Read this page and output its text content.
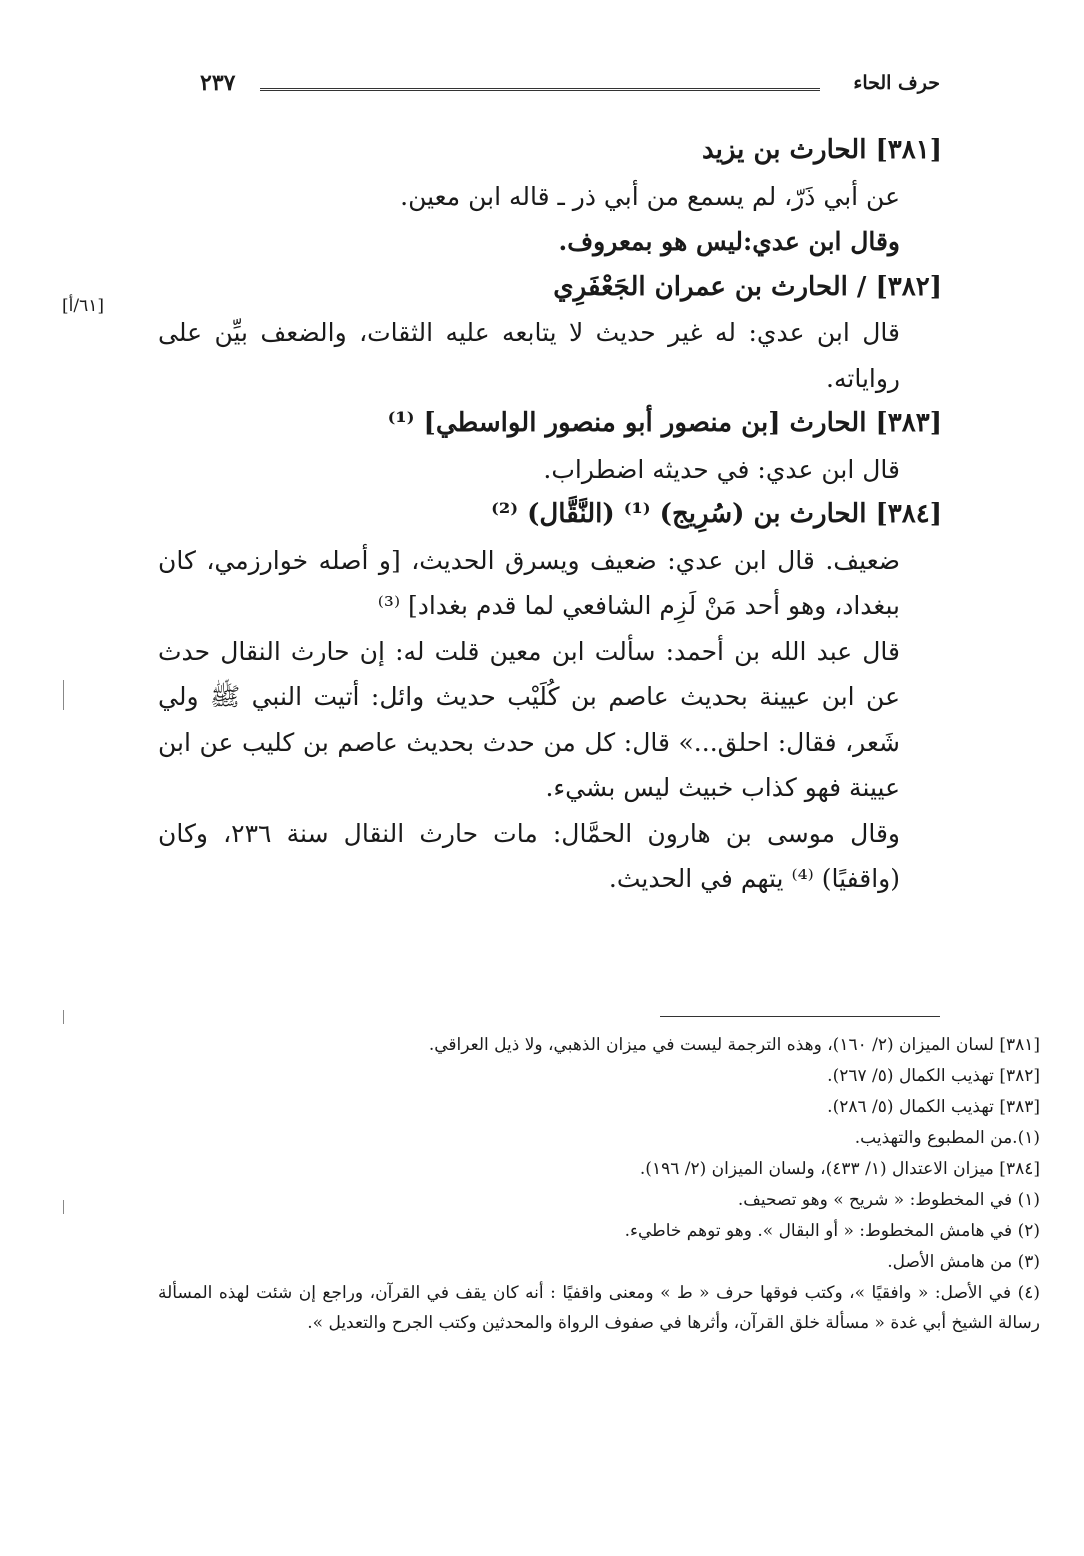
حرف الحاء
٢٣٧
[٦١/أ]

[٣٨١] الحارث بن يزيد

عن أبي ذَرّ، لم يسمع من أبي ذر ـ قاله ابن معين.

وقال ابن عدي:ليس هو بمعروف.

[٣٨٢] / الحارث بن عمران الجَعْفَرِي

قال ابن عدي: له غير حديث لا يتابعه عليه الثقات، والضعف بيِّن على رواياته.

[٣٨٣] الحارث [بن منصور أبو منصور الواسطي] ⁽¹⁾

قال ابن عدي: في حديثه اضطراب.

[٣٨٤] الحارث بن (سُرِيج) ⁽¹⁾ (النَّقَّال) ⁽²⁾

ضعيف. قال ابن عدي: ضعيف ويسرق الحديث، [و أصله خوارزمي، كان ببغداد، وهو أحد مَنْ لَزِم الشافعي لما قدم بغداد] ⁽³⁾

قال عبد الله بن أحمد: سألت ابن معين قلت له: إن حارث النقال حدث عن ابن عيينة بحديث عاصم بن كُلَيْب حديث وائل: أتيت النبي ﷺ ولي شَعر، فقال: احلق...» قال: كل من حدث بحديث عاصم بن كليب عن ابن عيينة فهو كذاب خبيث ليس بشيء.

وقال موسى بن هارون الحمَّال: مات حارث النقال سنة ٢٣٦، وكان (واقفيًا) ⁽⁴⁾ يتهم في الحديث.

[٣٨١] لسان الميزان (٢/ ١٦٠)، وهذه الترجمة ليست في ميزان الذهبي، ولا ذيل العراقي.

[٣٨٢] تهذيب الكمال (٥/ ٢٦٧).

[٣٨٣] تهذيب الكمال (٥/ ٢٨٦).

(١).من المطبوع والتهذيب.

[٣٨٤] ميزان الاعتدال (١/ ٤٣٣)، ولسان الميزان (٢/ ١٩٦).

(١) في المخطوط: « شريح » وهو تصحيف.

(٢) في هامش المخطوط: « أو البقال ». وهو توهم خاطيء.

(٣) من هامش الأصل.

(٤) في الأصل: « وافقيًا »، وكتب فوقها حرف « ط » ومعنى واقفيًا : أنه كان يقف في القرآن، وراجع إن شئت لهذه المسألة رسالة الشيخ أبي غدة « مسألة خلق القرآن، وأثرها في صفوف الرواة والمحدثين وكتب الجرح والتعديل ».
